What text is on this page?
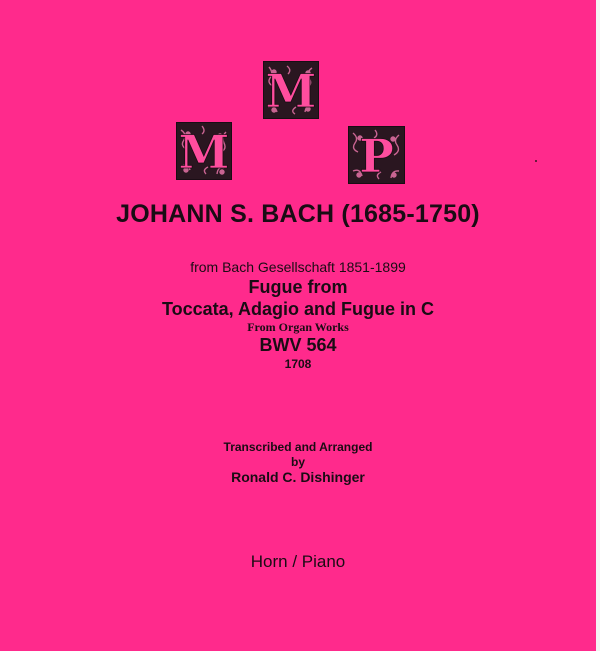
M
M
P
JOHANN S. BACH (1685-1750)
from Bach Gesellschaft 1851-1899
Fugue from
Toccata, Adagio and Fugue in C
From Organ Works
BWV 564
1708
Transcribed and Arranged
by
Ronald C. Dishinger
Horn / Piano
